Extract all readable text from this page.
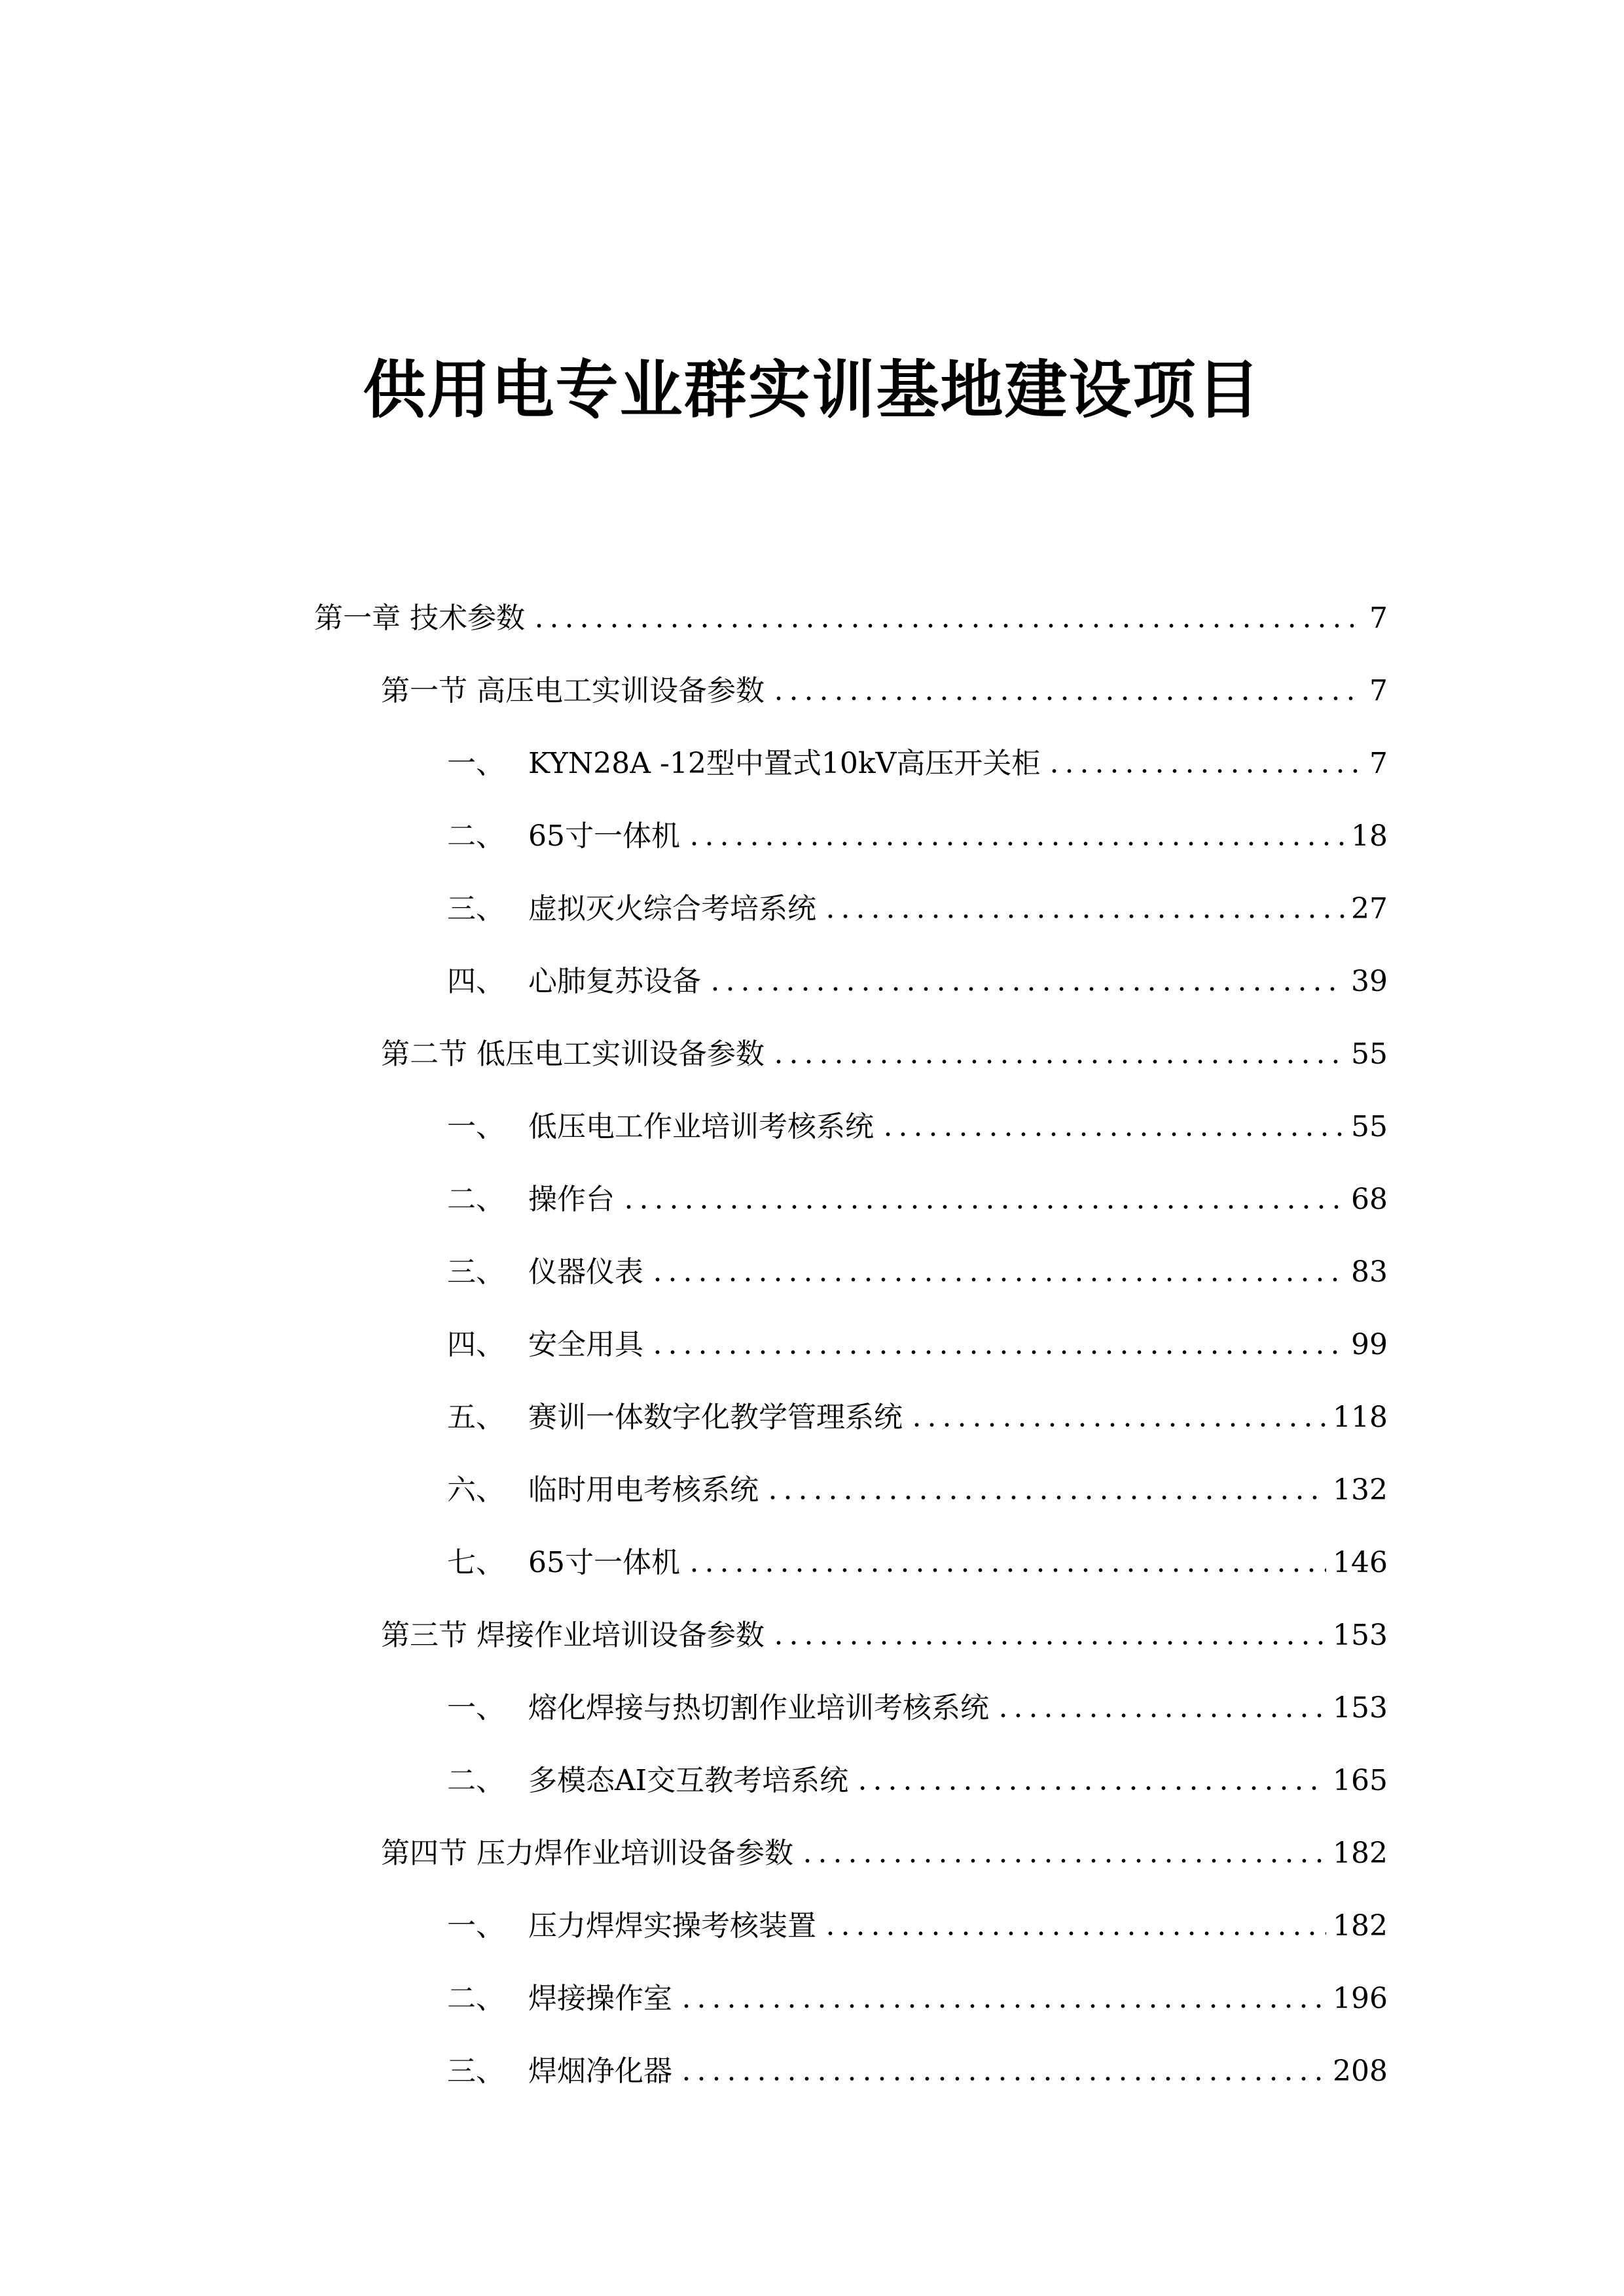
供用电专业群实训基地建设项目
第一章 技术参数	7
第一节 高压电工实训设备参数	7
一、 KYN28A -12型中置式10kV高压开关柜	7
二、 65寸一体机	18
三、 虚拟灭火综合考培系统	27
四、 心肺复苏设备	39
第二节 低压电工实训设备参数	55
一、 低压电工作业培训考核系统	55
二、 操作台	68
三、 仪器仪表	83
四、 安全用具	99
五、 赛训一体数字化教学管理系统	118
六、 临时用电考核系统	132
七、 65寸一体机	146
第三节 焊接作业培训设备参数	153
一、 熔化焊接与热切割作业培训考核系统	153
二、 多模态AI交互教考培系统	165
第四节 压力焊作业培训设备参数	182
一、 压力焊焊实操考核装置	182
二、 焊接操作室	196
三、 焊烟净化器	208
